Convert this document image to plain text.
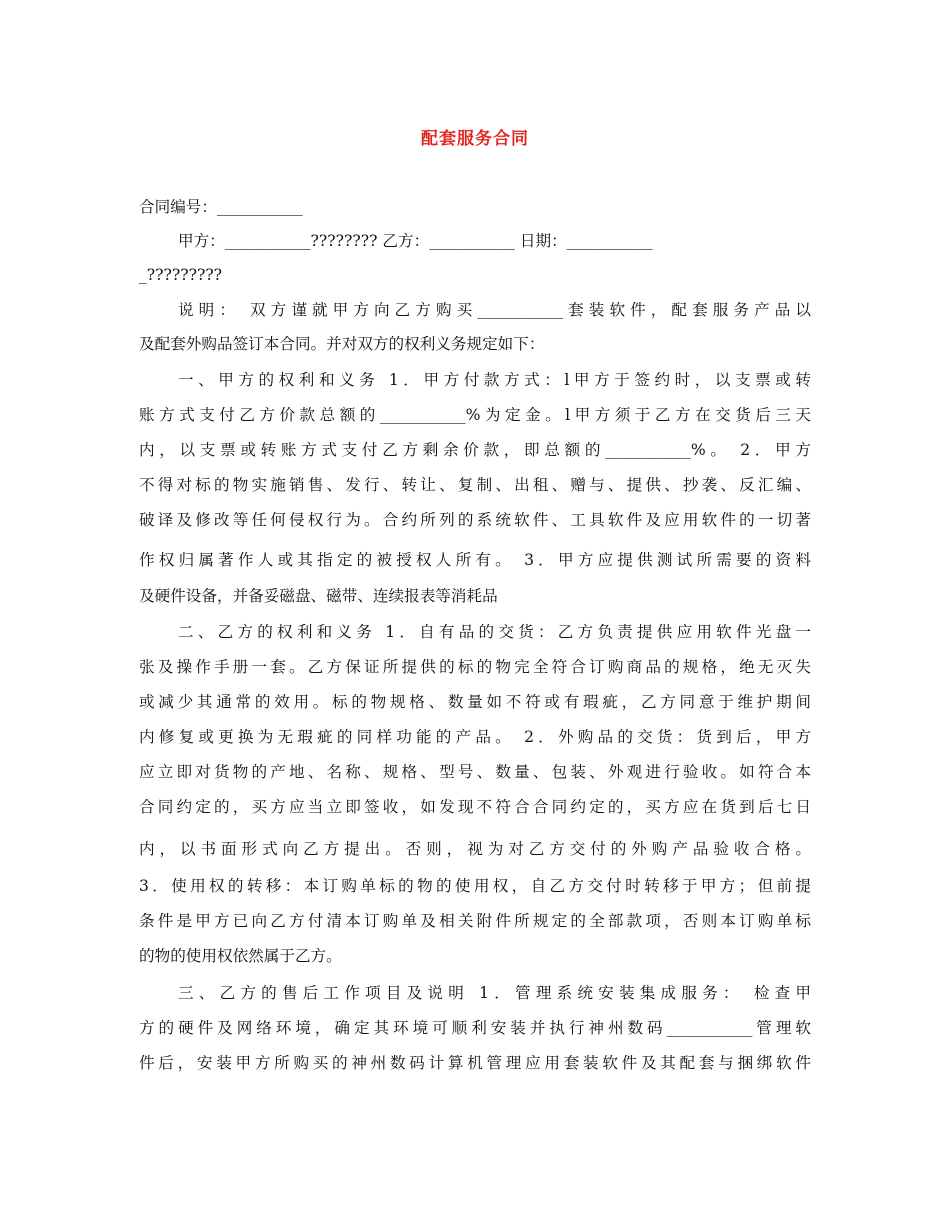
配套服务合同
合同编号：___________
甲方：___________???????? 乙方：___________ 日期：___________
_?????????
说明： 双方谨就甲方向乙方购买___________套装软件，配套服务产品以
及配套外购品签订本合同。并对双方的权利义务规定如下：
一、甲方的权利和义务 1．甲方付款方式：l甲方于签约时，以支票或转
账方式支付乙方价款总额的___________%为定金。l甲方须于乙方在交货后三天
内，以支票或转账方式支付乙方剩余价款，即总额的___________%。 2．甲方
不得对标的物实施销售、发行、转让、复制、出租、赠与、提供、抄袭、反汇编、
破译及修改等任何侵权行为。合约所列的系统软件、工具软件及应用软件的一切著
作权归属著作人或其指定的被授权人所有。 3．甲方应提供测试所需要的资料
及硬件设备，并备妥磁盘、磁带、连续报表等消耗品
二、乙方的权利和义务 1．自有品的交货：乙方负责提供应用软件光盘一
张及操作手册一套。乙方保证所提供的标的物完全符合订购商品的规格，绝无灭失
或减少其通常的效用。标的物规格、数量如不符或有瑕疵，乙方同意于维护期间
内修复或更换为无瑕疵的同样功能的产品。 2．外购品的交货：货到后，甲方
应立即对货物的产地、名称、规格、型号、数量、包装、外观进行验收。如符合本
合同约定的，买方应当立即签收，如发现不符合合同约定的，买方应在货到后七日
内，以书面形式向乙方提出。否则，视为对乙方交付的外购产品验收合格。
3．使用权的转移：本订购单标的物的使用权，自乙方交付时转移于甲方；但前提
条件是甲方已向乙方付清本订购单及相关附件所规定的全部款项，否则本订购单标
的物的使用权依然属于乙方。
三、乙方的售后工作项目及说明 1．管理系统安装集成服务： 检查甲
方的硬件及网络环境，确定其环境可顺利安装并执行神州数码___________管理软
件后，安装甲方所购买的神州数码计算机管理应用套装软件及其配套与捆绑软件
